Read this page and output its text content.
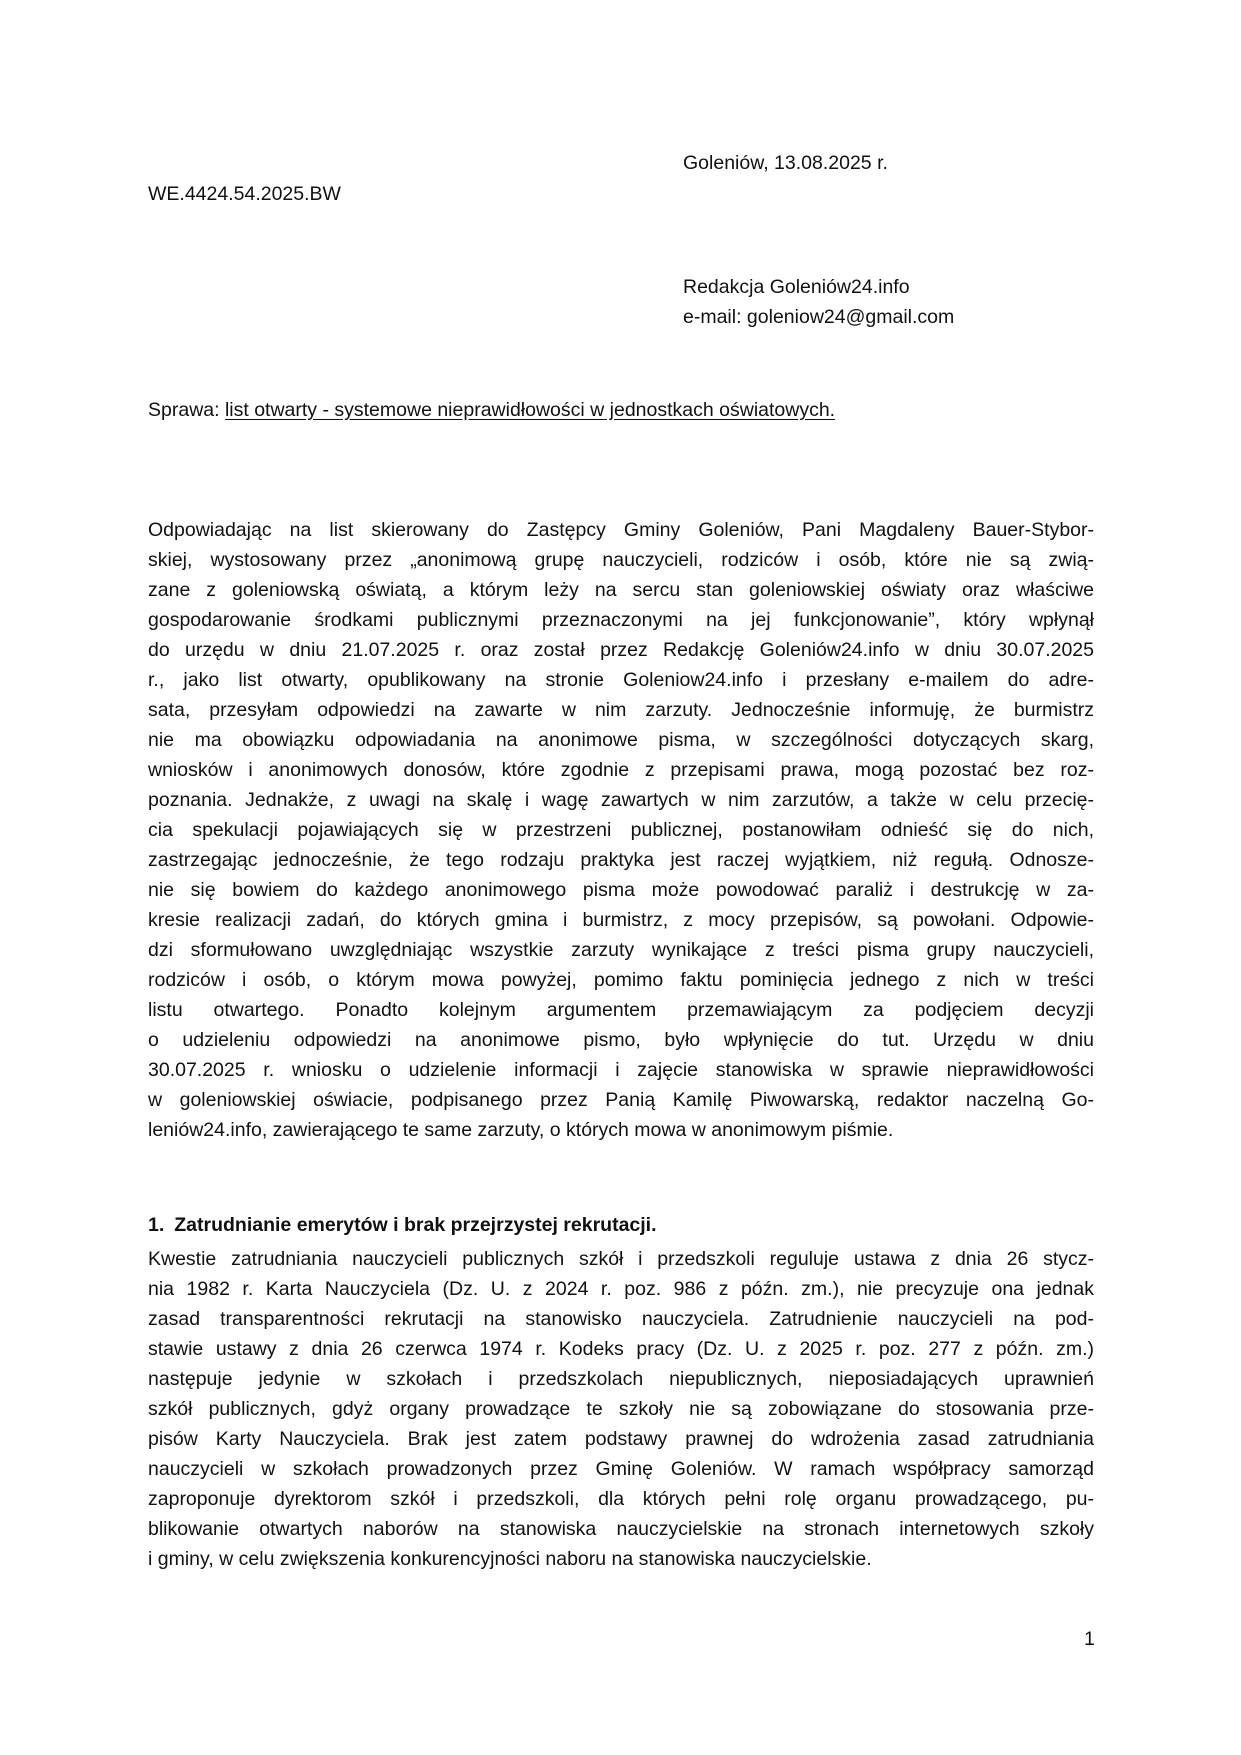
Goleniów, 13.08.2025 r.
WE.4424.54.2025.BW
Redakcja Goleniów24.info
e-mail: goleniow24@gmail.com
Sprawa: list otwarty - systemowe nieprawidłowości w jednostkach oświatowych.
Odpowiadając na list skierowany do Zastępcy Gminy Goleniów, Pani Magdaleny Bauer-Stybor-
skiej, wystosowany przez „anonimową grupę nauczycieli, rodziców i osób, które nie są zwią-
zane z goleniowską oświatą, a którym leży na sercu stan goleniowskiej oświaty oraz właściwe
gospodarowanie środkami publicznymi przeznaczonymi na jej funkcjonowanie”, który wpłynął
do urzędu w dniu 21.07.2025 r. oraz został przez Redakcję Goleniów24.info w dniu 30.07.2025
r., jako list otwarty, opublikowany na stronie Goleniow24.info i przesłany e-mailem do adre-
sata, przesyłam odpowiedzi na zawarte w nim zarzuty. Jednocześnie informuję, że burmistrz
nie ma obowiązku odpowiadania na anonimowe pisma, w szczególności dotyczących skarg,
wniosków i anonimowych donosów, które zgodnie z przepisami prawa, mogą pozostać bez roz-
poznania. Jednakże, z uwagi na skalę i wagę zawartych w nim zarzutów, a także w celu przecię-
cia spekulacji pojawiających się w przestrzeni publicznej, postanowiłam odnieść się do nich,
zastrzegając jednocześnie, że tego rodzaju praktyka jest raczej wyjątkiem, niż regułą. Odnosze-
nie się bowiem do każdego anonimowego pisma może powodować paraliż i destrukcję w za-
kresie realizacji zadań, do których gmina i burmistrz, z mocy przepisów, są powołani. Odpowie-
dzi sformułowano uwzględniając wszystkie zarzuty wynikające z treści pisma grupy nauczycieli,
rodziców i osób, o którym mowa powyżej, pomimo faktu pominięcia jednego z nich w treści
listu otwartego. Ponadto kolejnym argumentem przemawiającym za podjęciem decyzji
o udzieleniu odpowiedzi na anonimowe pismo, było wpłynięcie do tut. Urzędu w dniu
30.07.2025 r. wniosku o udzielenie informacji i zajęcie stanowiska w sprawie nieprawidłowości
w goleniowskiej oświacie, podpisanego przez Panią Kamilę Piwowarską, redaktor naczelną Go-
leniów24.info, zawierającego te same zarzuty, o których mowa w anonimowym piśmie.
1. Zatrudnianie emerytów i brak przejrzystej rekrutacji.
Kwestie zatrudniania nauczycieli publicznych szkół i przedszkoli reguluje ustawa z dnia 26 stycz-
nia 1982 r. Karta Nauczyciela (Dz. U. z 2024 r. poz. 986 z późn. zm.), nie precyzuje ona jednak
zasad transparentności rekrutacji na stanowisko nauczyciela. Zatrudnienie nauczycieli na pod-
stawie ustawy z dnia 26 czerwca 1974 r. Kodeks pracy (Dz. U. z 2025 r. poz. 277 z późn. zm.)
następuje jedynie w szkołach i przedszkolach niepublicznych, nieposiadających uprawnień
szkół publicznych, gdyż organy prowadzące te szkoły nie są zobowiązane do stosowania prze-
pisów Karty Nauczyciela. Brak jest zatem podstawy prawnej do wdrożenia zasad zatrudniania
nauczycieli w szkołach prowadzonych przez Gminę Goleniów. W ramach współpracy samorząd
zaproponuje dyrektorom szkół i przedszkoli, dla których pełni rolę organu prowadzącego, pu-
blikowanie otwartych naborów na stanowiska nauczycielskie na stronach internetowych szkoły
i gminy, w celu zwiększenia konkurencyjności naboru na stanowiska nauczycielskie.
1
